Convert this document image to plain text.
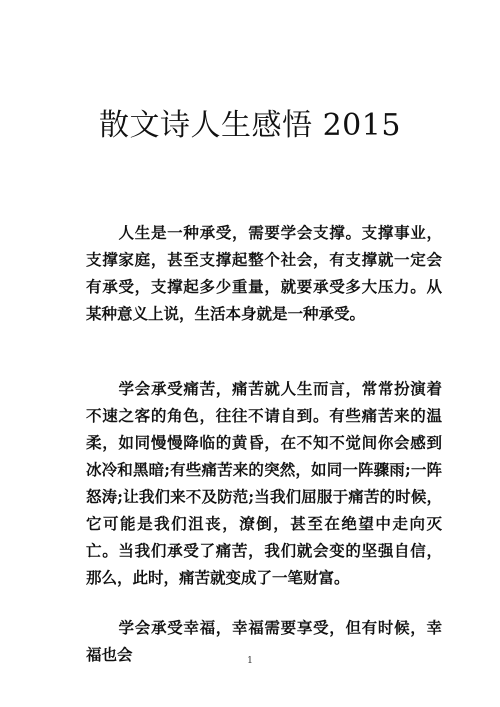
散文诗人生感悟 2015

人生是一种承受，需要学会支撑。支撑事业，支撑家庭，甚至支撑起整个社会，有支撑就一定会有承受，支撑起多少重量，就要承受多大压力。从某种意义上说，生活本身就是一种承受。

学会承受痛苦，痛苦就人生而言，常常扮演着不速之客的角色，往往不请自到。有些痛苦来的温柔，如同慢慢降临的黄昏，在不知不觉间你会感到冰冷和黑暗;有些痛苦来的突然，如同一阵骤雨;一阵怒涛;让我们来不及防范;当我们屈服于痛苦的时候，它可能是我们沮丧，潦倒，甚至在绝望中走向灭亡。当我们承受了痛苦，我们就会变的坚强自信，那么，此时，痛苦就变成了一笔财富。

学会承受幸福，幸福需要享受，但有时候，幸福也会	1
